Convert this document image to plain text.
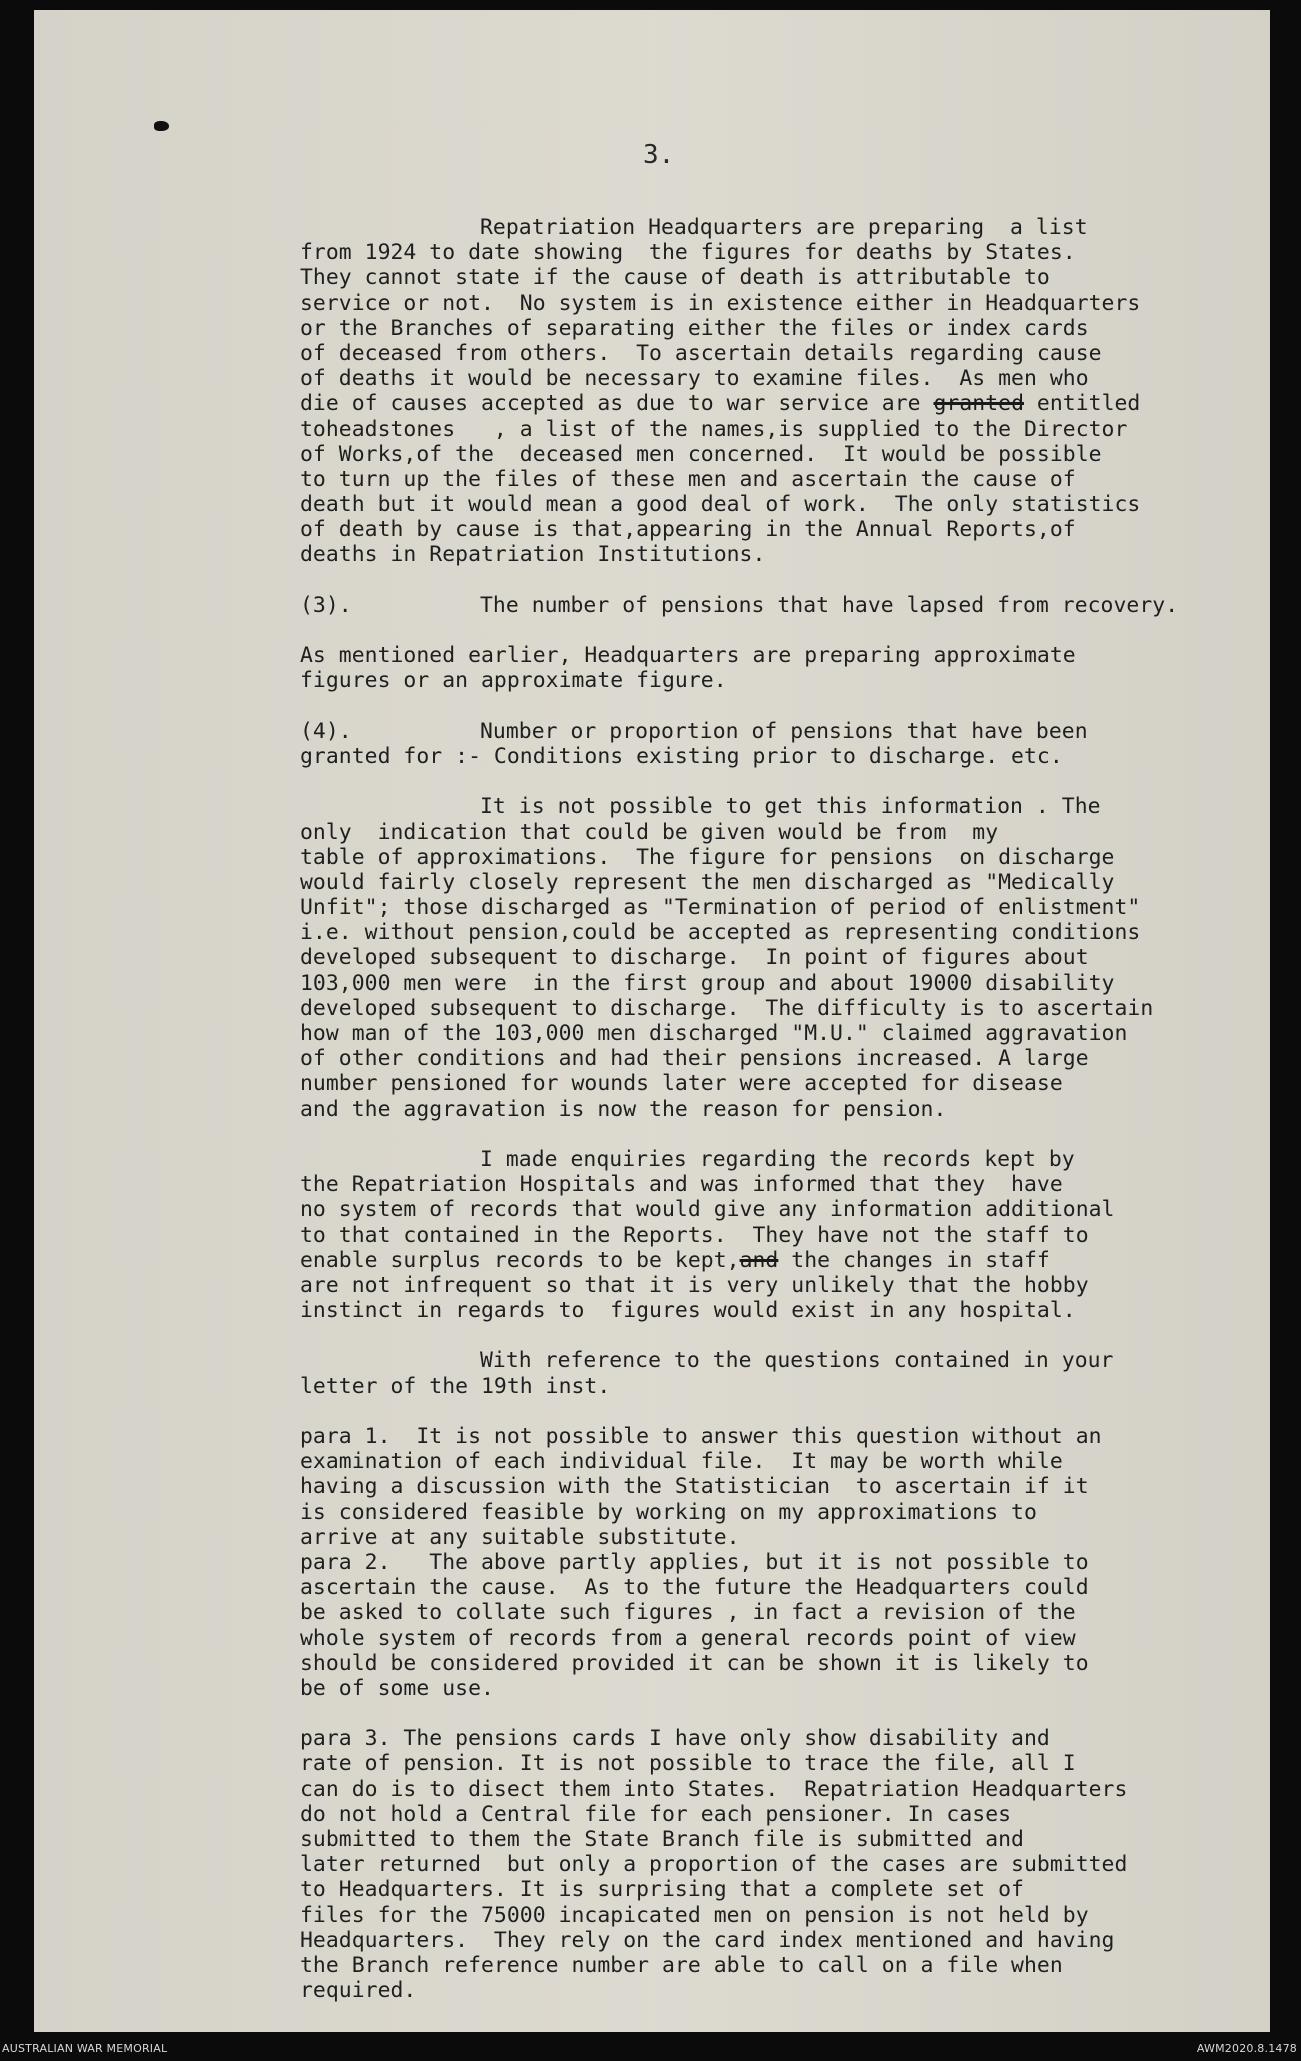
3.
Repatriation Headquarters are preparing  a list
from 1924 to date showing  the figures for deaths by States.
They cannot state if the cause of death is attributable to
service or not.  No system is in existence either in Headquarters
or the Branches of separating either the files or index cards
of deceased from others.  To ascertain details regarding cause
of deaths it would be necessary to examine files.  As men who
die of causes accepted as due to war service are granted entitled
toheadstones   , a list of the names,is supplied to the Director
of Works,of the  deceased men concerned.  It would be possible
to turn up the files of these men and ascertain the cause of
death but it would mean a good deal of work.  The only statistics
of death by cause is that,appearing in the Annual Reports,of
deaths in Repatriation Institutions.
(3).	The number of pensions that have lapsed from recovery.
As mentioned earlier, Headquarters are preparing approximate
figures or an approximate figure.
(4).	Number or proportion of pensions that have been
granted for :- Conditions existing prior to discharge. etc.
It is not possible to get this information . The
only  indication that could be given would be from  my
table of approximations.  The figure for pensions  on discharge
would fairly closely represent the men discharged as "Medically
Unfit"; those discharged as "Termination of period of enlistment"
i.e. without pension,could be accepted as representing conditions
developed subsequent to discharge.  In point of figures about
103,000 men were  in the first group and about 19000 disability
developed subsequent to discharge.  The difficulty is to ascertain
how man of the 103,000 men discharged "M.U." claimed aggravation
of other conditions and had their pensions increased. A large
number pensioned for wounds later were accepted for disease
and the aggravation is now the reason for pension.
I made enquiries regarding the records kept by
the Repatriation Hospitals and was informed that they  have
no system of records that would give any information additional
to that contained in the Reports.  They have not the staff to
enable surplus records to be kept,and the changes in staff
are not infrequent so that it is very unlikely that the hobby
instinct in regards to  figures would exist in any hospital.
With reference to the questions contained in your
letter of the 19th inst.
para 1.  It is not possible to answer this question without an
examination of each individual file.  It may be worth while
having a discussion with the Statistician  to ascertain if it
is considered feasible by working on my approximations to
arrive at any suitable substitute.
para 2.   The above partly applies, but it is not possible to
ascertain the cause.  As to the future the Headquarters could
be asked to collate such figures , in fact a revision of the
whole system of records from a general records point of view
should be considered provided it can be shown it is likely to
be of some use.
para 3. The pensions cards I have only show disability and
rate of pension. It is not possible to trace the file, all I
can do is to disect them into States.  Repatriation Headquarters
do not hold a Central file for each pensioner. In cases
submitted to them the State Branch file is submitted and
later returned  but only a proportion of the cases are submitted
to Headquarters. It is surprising that a complete set of
files for the 75000 incapicated men on pension is not held by
Headquarters.  They rely on the card index mentioned and having
the Branch reference number are able to call on a file when
required.
AUSTRALIAN WAR MEMORIAL	AWM2020.8.1478
